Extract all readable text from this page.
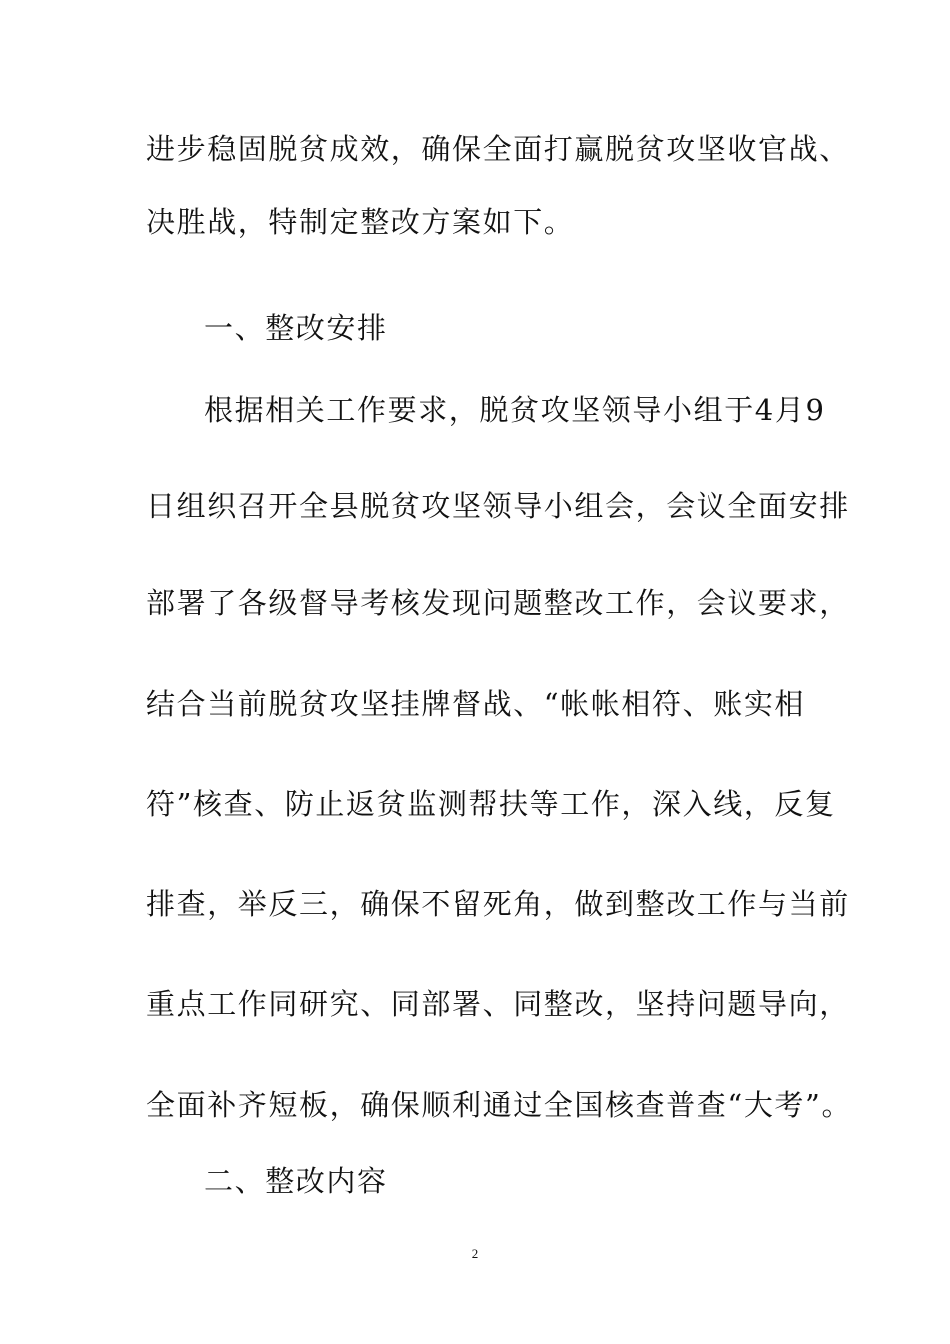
进步稳固脱贫成效，确保全面打赢脱贫攻坚收官战、
决胜战，特制定整改方案如下。
一、整改安排
根据相关工作要求，脱贫攻坚领导小组于4月9
日组织召开全县脱贫攻坚领导小组会，会议全面安排
部署了各级督导考核发现问题整改工作，会议要求，
结合当前脱贫攻坚挂牌督战、“帐帐相符、账实相
符”核查、防止返贫监测帮扶等工作，深入线，反复
排查，举反三，确保不留死角，做到整改工作与当前
重点工作同研究、同部署、同整改，坚持问题导向，
全面补齐短板，确保顺利通过全国核查普查“大考”。
二、整改内容
2
